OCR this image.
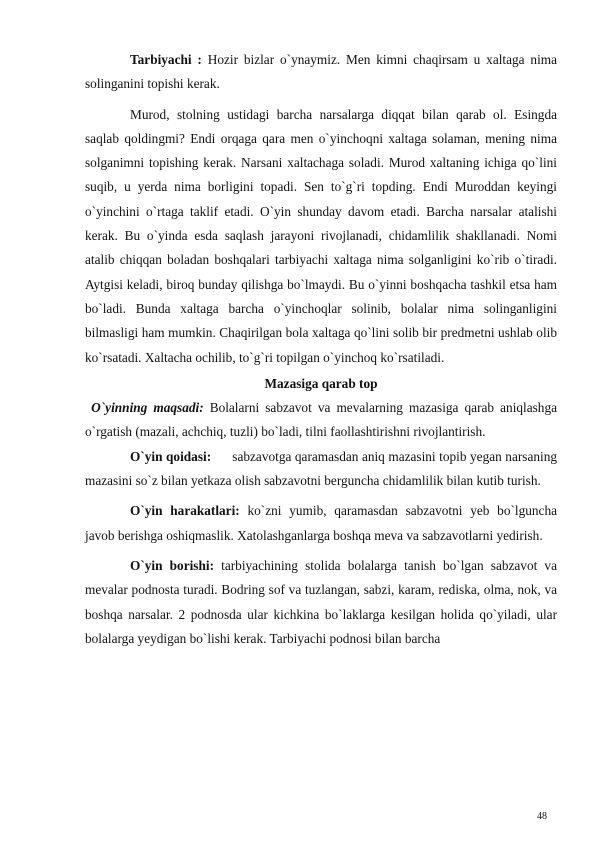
Tarbiyachi : Hozir bizlar o`ynaymiz. Men kimni chaqirsam u xaltaga nima solinganini topishi kerak.

Murod, stolning ustidagi barcha narsalarga diqqat bilan qarab ol. Esingda saqlab qoldingmi? Endi orqaga qara men o`yinchoqni xaltaga solaman, mening nima solganimni topishing kerak. Narsani xaltachaga soladi. Murod xaltaning ichiga qo`lini suqib, u yerda nima borligini topadi. Sen to`g`ri topding. Endi Muroddan keyingi o`yinchini o`rtaga taklif etadi. O`yin shunday davom etadi. Barcha narsalar atalishi kerak. Bu o`yinda esda saqlash jarayoni rivojlanadi, chidamlilik shakllanadi. Nomi atalib chiqqan boladan boshqalari tarbiyachi xaltaga nima solganligini ko`rib o`tiradi. Aytgisi keladi, biroq bunday qilishga bo`lmaydi. Bu o`yinni boshqacha tashkil etsa ham bo`ladi. Bunda xaltaga barcha o`yinchoqlar solinib, bolalar nima solinganligini bilmasligi ham mumkin. Chaqirilgan bola xaltaga qo`lini solib bir predmetni ushlab olib ko`rsatadi. Xaltacha ochilib, to`g`ri topilgan o`yinchoq ko`rsatiladi.

Mazasiga qarab top

O`yinning maqsadi: Bolalarni sabzavot va mevalarning mazasiga qarab aniqlashga o`rgatish (mazali, achchiq, tuzli) bo`ladi, tilni faollashtirishni rivojlantirish.

O`yin qoidasi:      sabzavotga qaramasdan aniq mazasini topib yegan narsaning mazasini so`z bilan yetkaza olish sabzavotni berguncha chidamlilik bilan kutib turish.

O`yin harakatlari: ko`zni yumib, qaramasdan sabzavotni yeb bo`lguncha javob berishga oshiqmaslik. Xatolashganlarga boshqa meva va sabzavotlarni yedirish.

O`yin borishi: tarbiyachining stolida bolalarga tanish bo`lgan sabzavot va mevalar podnosta turadi. Bodring sof va tuzlangan, sabzi, karam, rediska, olma, nok, va boshqa narsalar. 2 podnosda ular kichkina bo`laklarga kesilgan holida qo`yiladi, ular bolalarga yeydigan bo`lishi kerak. Tarbiyachi podnosi bilan barcha

48
